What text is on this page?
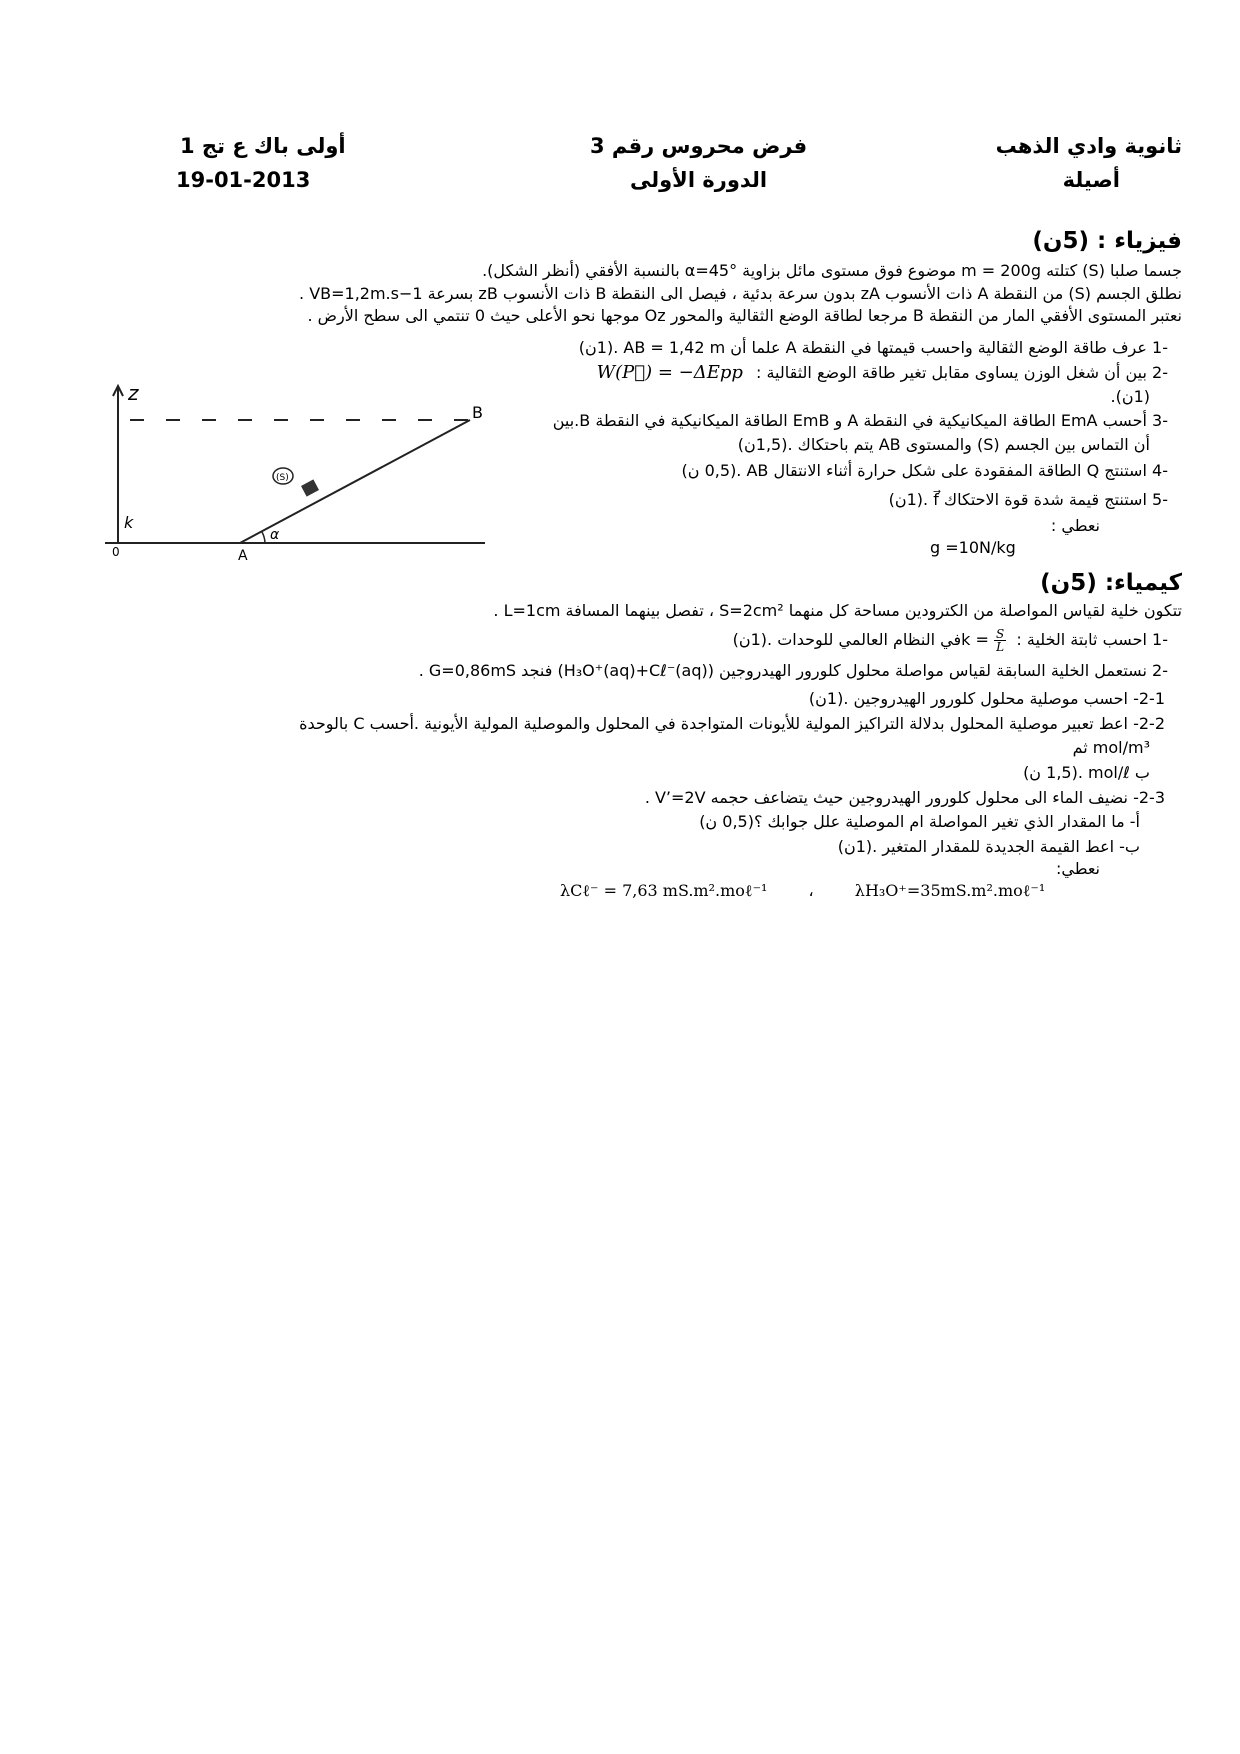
ثانوية وادي الذهب
أصيلة
فرض محروس رقم 3
الدورة الأولى
أولى باك ع تج 1
19-01-2013
فيزياء : (5ن)
جسما صلبا (S) كتلته m = 200g موضوع فوق مستوى مائل بزاوية α=45° بالنسبة الأفقي (أنظر الشكل).
نطلق الجسم (S) من النقطة A ذات الأنسوب zA بدون سرعة بدئية ، فيصل الى النقطة B ذات الأنسوب zB بسرعة VB=1,2m.s−1 .
نعتبر المستوى الأفقي المار من النقطة B مرجعا لطاقة الوضع الثقالية والمحور Oz موجها نحو الأعلى حيث 0 تنتمي الى سطح الأرض .
-1 عرف طاقة الوضع الثقالية واحسب قيمتها في النقطة A علما أن AB = 1,42 m .(1ن)
-2 بين أن شغل الوزن يساوى مقابل تغير طاقة الوضع الثقالية : W(P⃗) = −ΔEpp
(1ن).
-3 أحسب EmA الطاقة الميكانيكية في النقطة A و EmB الطاقة الميكانيكية في النقطة B.بين
أن التماس بين الجسم (S) والمستوى AB يتم باحتكاك .(1,5ن)
-4 استنتج Q الطاقة المفقودة على شكل حرارة أثناء الانتقال AB .(0,5 ن)
-5 استنتج قيمة شدة قوة الاحتكاك f⃗ .(1ن)
نعطي :
g =10N/kg
z
k
0
B
A
α
(S)
كيمياء: (5ن)
تتكون خلية لقياس المواصلة من الكترودين مساحة كل منهما S=2cm² ، تفصل بينهما المسافة L=1cm .
-1 احسب ثابتة الخلية : $k = \frac{S}{L}$
في النظام العالمي للوحدات .(1ن)
-2 نستعمل الخلية السابقة لقياس مواصلة محلول كلورور الهيدروجين (H₃O⁺(aq)+Cℓ⁻(aq)) فنجد G=0,86mS .
2-1- احسب موصلية محلول كلورور الهيدروجين .(1ن)
2-2- اعط تعبير موصلية المحلول بدلالة التراكيز المولية للأيونات المتواجدة في المحلول والموصلية المولية الأيونية .أحسب C بالوحدة
mol/m³ ثم
ب mol/ℓ .(1,5 ن)
2-3- نضيف الماء الى محلول كلورور الهيدروجين حيث يتضاعف حجمه V’=2V .
أ- ما المقدار الذي تغير المواصلة ام الموصلية علل جوابك ؟(0,5 ن)
ب- اعط القيمة الجديدة للمقدار المتغير .(1ن)
نعطي:
λCℓ⁻ = 7,63 mS.m².moℓ⁻¹	،	λH₃O⁺=35mS.m².moℓ⁻¹
